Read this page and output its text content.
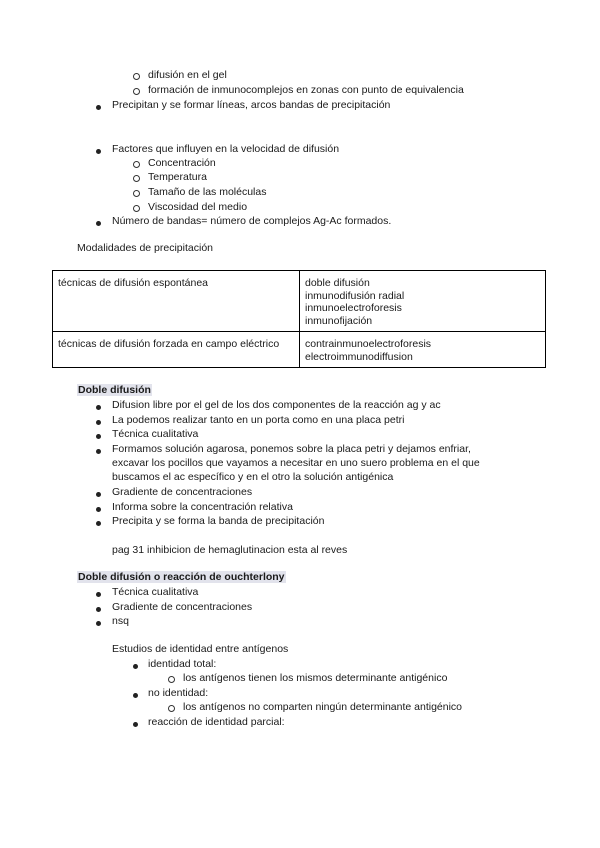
difusión en el gel
formación de inmunocomplejos en zonas con punto de equivalencia
Precipitan y se formar líneas, arcos bandas de precipitación
Factores que influyen en la velocidad de difusión
Concentración
Temperatura
Tamaño de las moléculas
Viscosidad del medio
Número de bandas= número de complejos Ag-Ac formados.
Modalidades de precipitación
técnicas de difusión espontánea	doble difusión
inmunodifusión radial
inmunoelectroforesis
inmunofijación

técnicas de difusión forzada en campo eléctrico	contrainmunoelectroforesis
electroimmunodiffusion
Doble difusión
Difusion libre por el gel de los dos componentes de la reacción ag y ac
La podemos realizar tanto en un porta como en una placa petri
Técnica cualitativa
Formamos solución agarosa, ponemos sobre la placa petri y dejamos enfriar,
excavar los pocillos que vayamos a necesitar en uno suero problema en el que
buscamos el ac específico y en el otro la solución antigénica
Gradiente de concentraciones
Informa sobre la concentración relativa
Precipita y se forma la banda de precipitación
pag 31 inhibicion de hemaglutinacion esta al reves
Doble difusión o reacción de ouchterlony
Técnica cualitativa
Gradiente de concentraciones
nsq
Estudios de identidad entre antígenos
identidad total:
los antígenos tienen los mismos determinante antigénico
no identidad:
los antígenos no comparten ningún determinante antigénico
reacción de identidad parcial:
